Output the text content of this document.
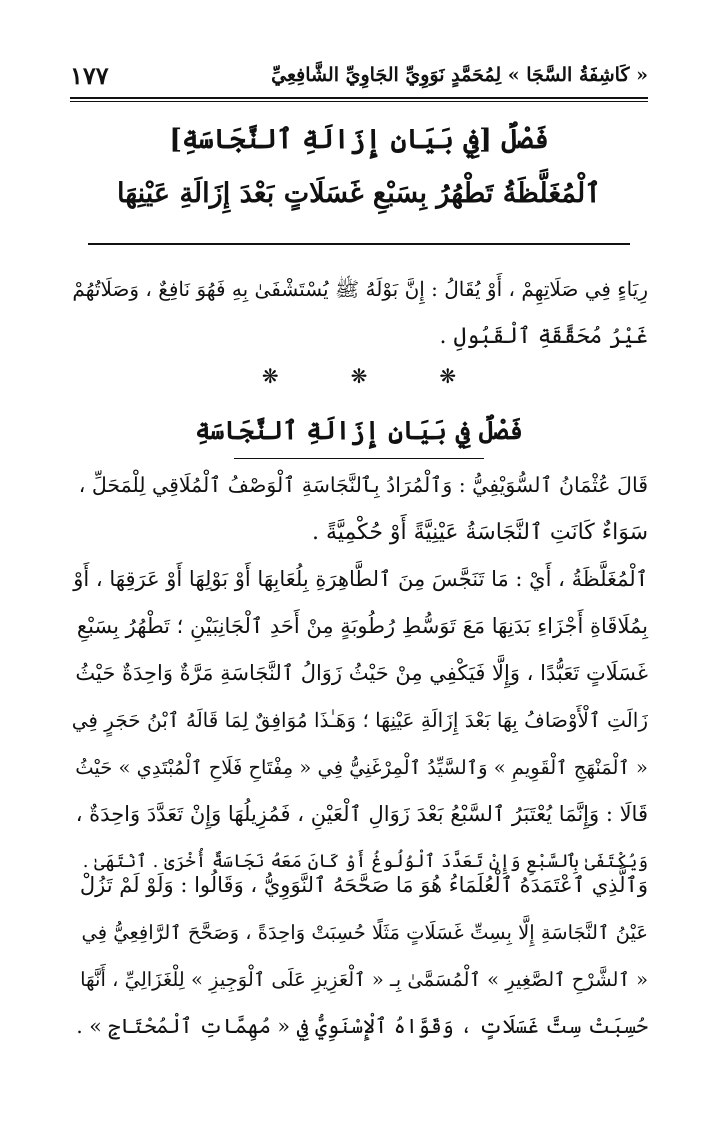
١٧٧	« كَاشِفَةُ السَّجَا » لِمُحَمَّدٍ نَوَوِيِّ الجَاوِيِّ الشَّافِعِيِّ

فَصْلٌ [فِي بَيَانِ إِزَالَةِ ٱلنَّجَاسَةِ]

ٱلْمُغَلَّظَةُ تَطْهُرُ بِسَبْعِ غَسَلَاتٍ بَعْدَ إِزَالَةِ عَيْنِهَا

رِيَاءٍ فِي صَلَاتِهِمْ ، أَوْ يُقَالُ : إِنَّ بَوْلَهُ ﷺ يُسْتَشْفَىٰ بِهِ فَهُوَ نَافِعٌ ، وَصَلَاتُهُمْ
غَيْرُ مُحَقَّقَةِ ٱلْقَبُولِ .

❋	❋	❋

فَصْلٌ فِي بَيَانِ إِزَالَةِ ٱلنَّجَاسَةِ

قَالَ عُثْمَانُ ٱلسُّوَيْفِيُّ : وَٱلْمُرَادُ بِٱلنَّجَاسَةِ ٱلْوَصْفُ ٱلْمُلَاقِي لِلْمَحَلِّ ،
سَوَاءٌ كَانَتِ ٱلنَّجَاسَةُ عَيْنِيَّةً أَوْ حُكْمِيَّةً .

ٱلْمُغَلَّظَةُ ، أَيْ : مَا تَنَجَّسَ مِنَ ٱلطَّاهِرَةِ بِلُعَابِهَا أَوْ بَوْلِهَا أَوْ عَرَقِهَا ، أَوْ
بِمُلَاقَاةِ أَجْزَاءِ بَدَنِهَا مَعَ تَوَسُّطِ رُطُوبَةٍ مِنْ أَحَدِ ٱلْجَانِبَيْنِ ؛ تَطْهُرُ بِسَبْعِ
غَسَلَاتٍ تَعَبُّدًا ، وَإِلَّا فَيَكْفِي مِنْ حَيْثُ زَوَالُ ٱلنَّجَاسَةِ مَرَّةٌ وَاحِدَةٌ حَيْثُ
زَالَتِ ٱلْأَوْصَافُ بِهَا بَعْدَ إِزَالَةِ عَيْنِهَا ؛ وَهَـٰذَا مُوَافِقٌ لِمَا قَالَهُ ٱبْنُ حَجَرٍ فِي
« ٱلْمَنْهَجِ ٱلْقَوِيمِ » وَٱلسَّيِّدُ ٱلْمِرْغَنِيُّ فِي « مِفْتَاحِ فَلَاحِ ٱلْمُبْتَدِي » حَيْثُ
قَالَا : وَإِنَّمَا يُعْتَبَرُ ٱلسَّبْعُ بَعْدَ زَوَالِ ٱلْعَيْنِ ، فَمُزِيلُهَا وَإِنْ تَعَدَّدَ وَاحِدَةٌ ،
وَيُكْتَفَىٰ بِٱلسَّبْعِ وَإِنْ تَعَدَّدَ ٱلْوُلُوغُ أَوْ كَانَ مَعَهُ نَجَاسَةٌ أُخْرَىٰ . ٱنْتَهَىٰ .

وَٱلَّذِي ٱعْتَمَدَهُ ٱلْعُلَمَاءُ هُوَ مَا صَحَّحَهُ ٱلنَّوَوِيُّ ، وَقَالُوا : وَلَوْ لَمْ تَزُلْ
عَيْنُ ٱلنَّجَاسَةِ إِلَّا بِسِتِّ غَسَلَاتٍ مَثَلًا حُسِبَتْ وَاحِدَةً ، وَصَحَّحَ ٱلرَّافِعِيُّ فِي
« ٱلشَّرْحِ ٱلصَّغِيرِ » ٱلْمُسَمَّىٰ بِـ « ٱلْعَزِيزِ عَلَى ٱلْوَجِيزِ » لِلْغَزَالِيِّ ، أَنَّهَا
حُسِبَتْ سِتَّ غَسَلَاتٍ ، وَقَوَّاهُ ٱلْإِسْنَوِيُّ فِي « مُهِمَّاتِ ٱلْمُحْتَاجِ » .
